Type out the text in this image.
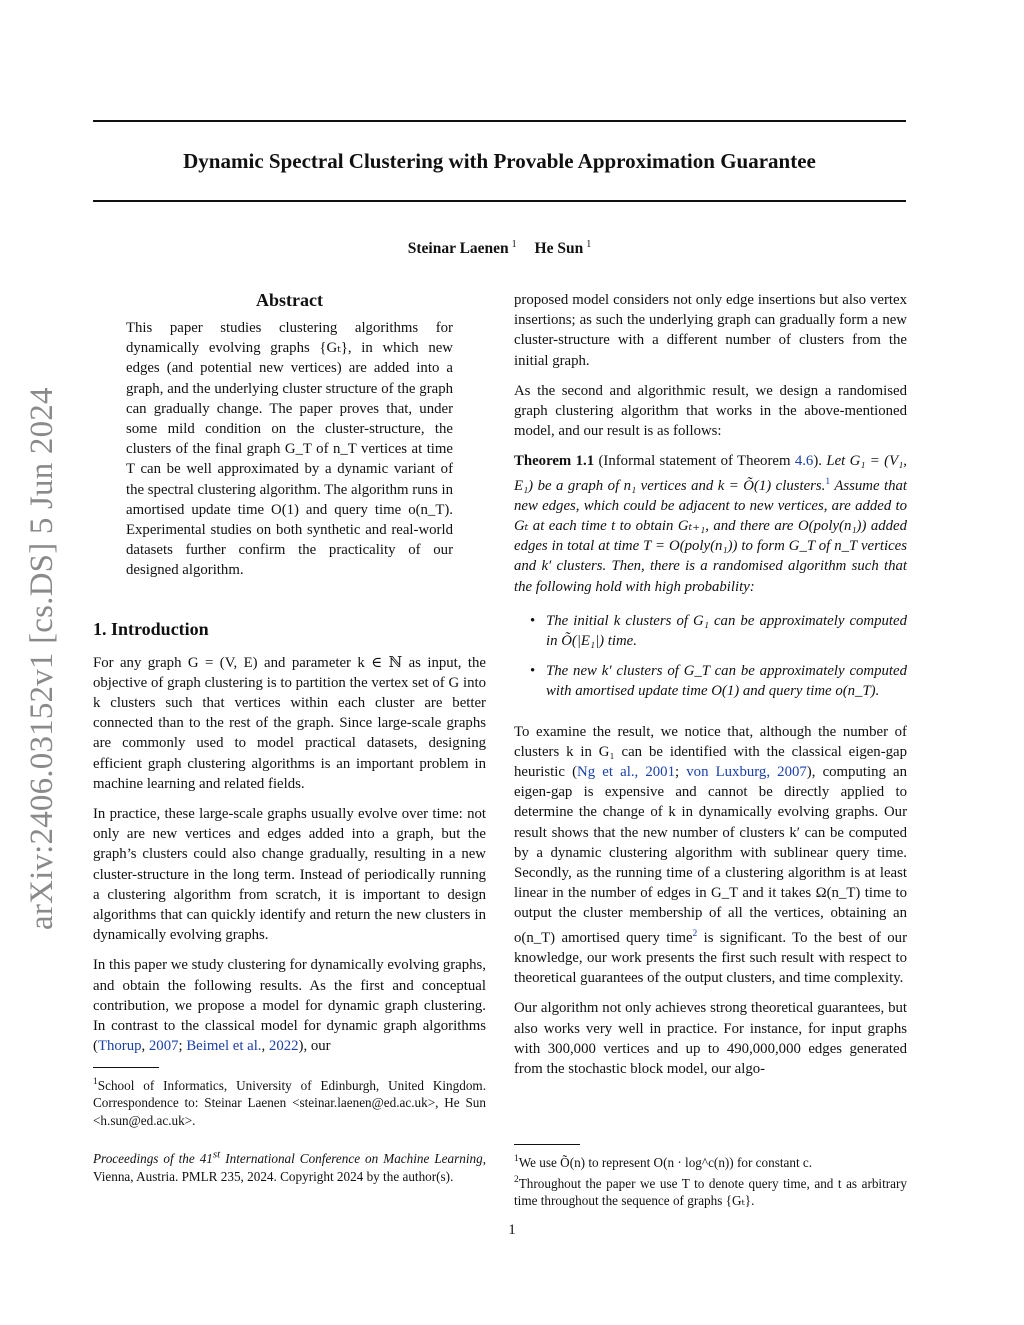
arXiv:2406.03152v1 [cs.DS] 5 Jun 2024
Dynamic Spectral Clustering with Provable Approximation Guarantee
Steinar Laenen $^1$ He Sun $^1$
Abstract
This paper studies clustering algorithms for dynamically evolving graphs {Gₜ}, in which new edges (and potential new vertices) are added into a graph, and the underlying cluster structure of the graph can gradually change. The paper proves that, under some mild condition on the cluster-structure, the clusters of the final graph G_T of n_T vertices at time T can be well approximated by a dynamic variant of the spectral clustering algorithm. The algorithm runs in amortised update time O(1) and query time o(n_T). Experimental studies on both synthetic and real-world datasets further confirm the practicality of our designed algorithm.
1. Introduction

For any graph G = (V, E) and parameter k ∈ ℕ as input, the objective of graph clustering is to partition the vertex set of G into k clusters such that vertices within each cluster are better connected than to the rest of the graph. Since large-scale graphs are commonly used to model practical datasets, designing efficient graph clustering algorithms is an important problem in machine learning and related fields.

In practice, these large-scale graphs usually evolve over time: not only are new vertices and edges added into a graph, but the graph’s clusters could also change gradually, resulting in a new cluster-structure in the long term. Instead of periodically running a clustering algorithm from scratch, it is important to design algorithms that can quickly identify and return the new clusters in dynamically evolving graphs.

In this paper we study clustering for dynamically evolving graphs, and obtain the following results. As the first and conceptual contribution, we propose a model for dynamic graph clustering. In contrast to the classical model for dynamic graph algorithms (Thorup, 2007; Beimel et al., 2022), our

$^1$School of Informatics, University of Edinburgh, United Kingdom. Correspondence to: Steinar Laenen <steinar.laenen@ed.ac.uk>, He Sun <h.sun@ed.ac.uk>.

Proceedings of the 41st International Conference on Machine Learning, Vienna, Austria. PMLR 235, 2024. Copyright 2024 by the author(s).

proposed model considers not only edge insertions but also vertex insertions; as such the underlying graph can gradually form a new cluster-structure with a different number of clusters from the initial graph.

As the second and algorithmic result, we design a randomised graph clustering algorithm that works in the above-mentioned model, and our result is as follows:

Theorem 1.1 (Informal statement of Theorem 4.6). Let G₁ = (V₁, E₁) be a graph of n₁ vertices and k = Õ(1) clusters.$^1$ Assume that new edges, which could be adjacent to new vertices, are added to Gₜ at each time t to obtain Gₜ₊₁, and there are O(poly(n₁)) added edges in total at time T = O(poly(n₁)) to form G_T of n_T vertices and k′ clusters. Then, there is a randomised algorithm such that the following hold with high probability:
• The initial k clusters of G₁ can be approximately computed in Õ(|E₁|) time.
• The new k′ clusters of G_T can be approximately computed with amortised update time O(1) and query time o(n_T).

To examine the result, we notice that, although the number of clusters k in G₁ can be identified with the classical eigen-gap heuristic (Ng et al., 2001; von Luxburg, 2007), computing an eigen-gap is expensive and cannot be directly applied to determine the change of k in dynamically evolving graphs. Our result shows that the new number of clusters k′ can be computed by a dynamic clustering algorithm with sublinear query time. Secondly, as the running time of a clustering algorithm is at least linear in the number of edges in G_T and it takes Ω(n_T) time to output the cluster membership of all the vertices, obtaining an o(n_T) amortised query time$^2$ is significant. To the best of our knowledge, our work presents the first such result with respect to theoretical guarantees of the output clusters, and time complexity.

Our algorithm not only achieves strong theoretical guarantees, but also works very well in practice. For instance, for input graphs with 300,000 vertices and up to 490,000,000 edges generated from the stochastic block model, our algo-

$^1$We use Õ(n) to represent O(n · log^c(n)) for constant c.

$^2$Throughout the paper we use T to denote query time, and t as arbitrary time throughout the sequence of graphs {Gₜ}.

1
